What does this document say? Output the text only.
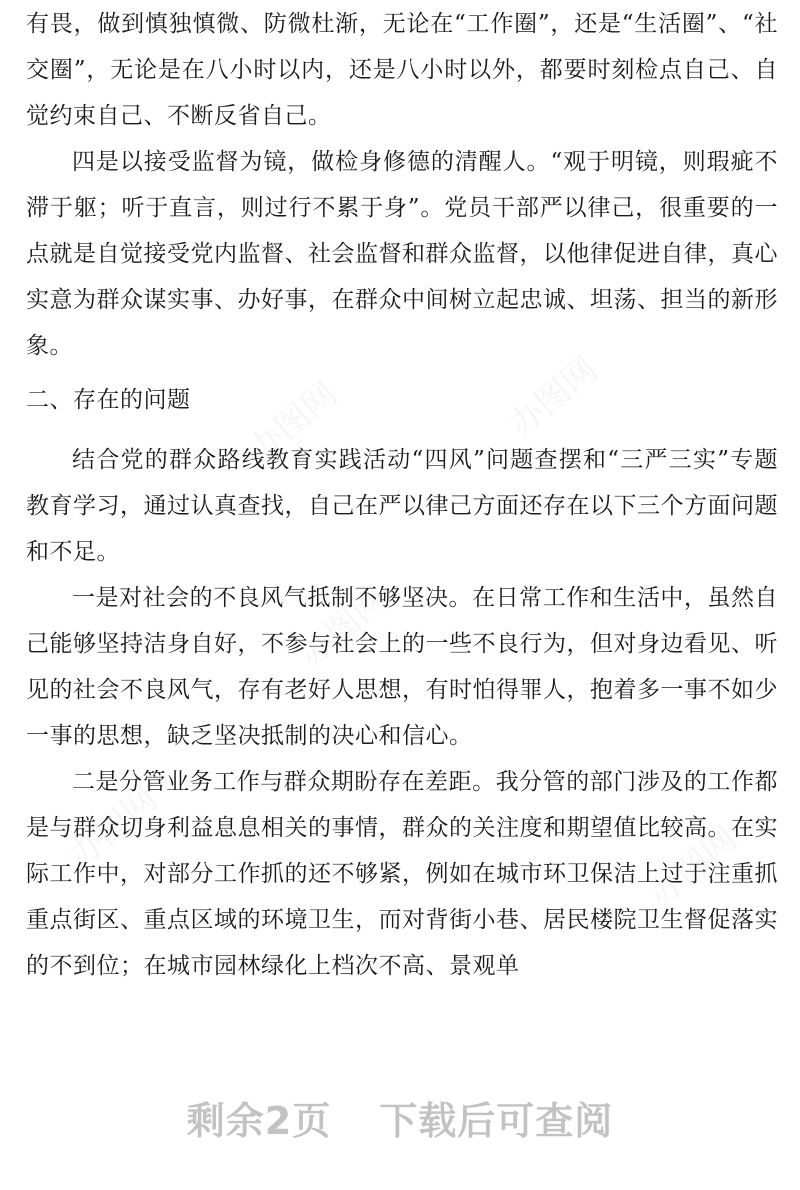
办图网
办图网
办图网
办图网	办图网

有畏，做到慎独慎微、防微杜渐，无论在“工作圈”，还是“生活圈”、“社交圈”，无论是在八小时以内，还是八小时以外，都要时刻检点自己、自觉约束自己、不断反省自己。

四是以接受监督为镜，做检身修德的清醒人。“观于明镜，则瑕疵不滞于躯；听于直言，则过行不累于身”。党员干部严以律己，很重要的一点就是自觉接受党内监督、社会监督和群众监督，以他律促进自律，真心实意为群众谋实事、办好事，在群众中间树立起忠诚、坦荡、担当的新形象。

二、存在的问题

结合党的群众路线教育实践活动“四风”问题查摆和“三严三实”专题教育学习，通过认真查找，自己在严以律己方面还存在以下三个方面问题和不足。

一是对社会的不良风气抵制不够坚决。在日常工作和生活中，虽然自己能够坚持洁身自好，不参与社会上的一些不良行为，但对身边看见、听见的社会不良风气，存有老好人思想，有时怕得罪人，抱着多一事不如少一事的思想，缺乏坚决抵制的决心和信心。

二是分管业务工作与群众期盼存在差距。我分管的部门涉及的工作都是与群众切身利益息息相关的事情，群众的关注度和期望值比较高。在实际工作中，对部分工作抓的还不够紧，例如在城市环卫保洁上过于注重抓重点街区、重点区域的环境卫生，而对背街小巷、居民楼院卫生督促落实的不到位；在城市园林绿化上档次不高、景观单

剩余2页 下载后可查阅
